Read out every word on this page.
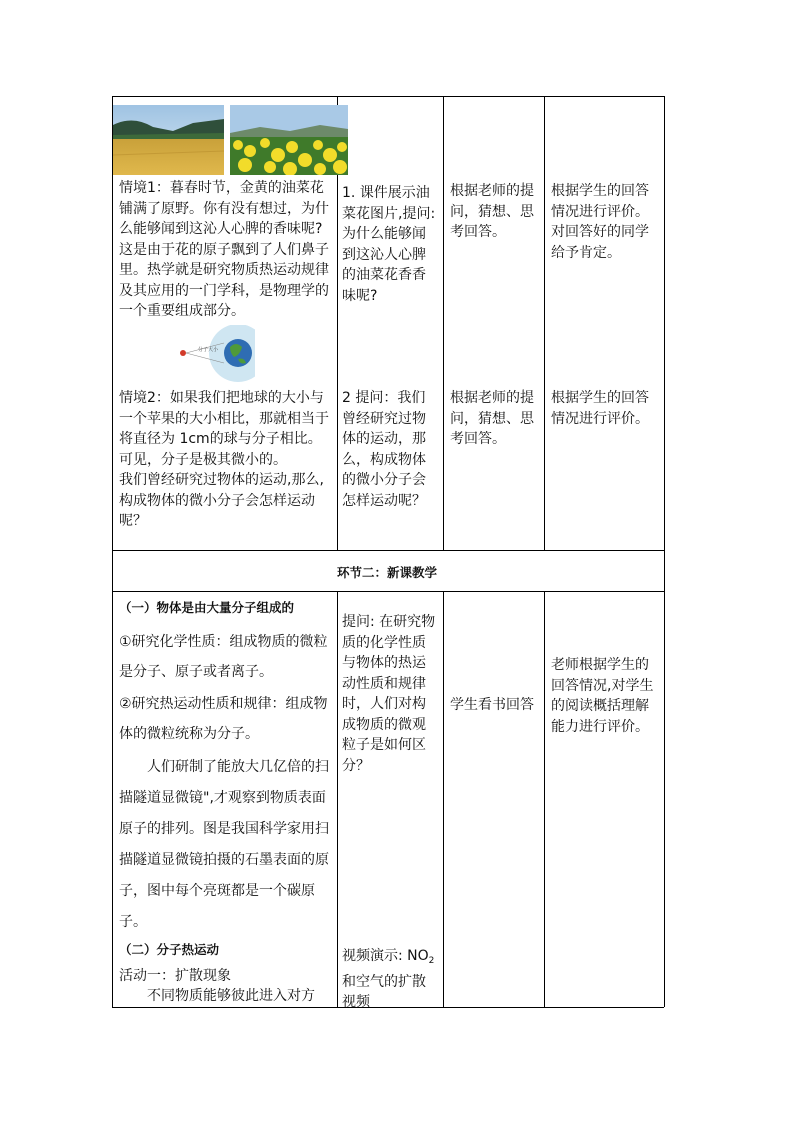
分子大小
情境1：暮春时节，金黄的油菜花铺满了原野。你有没有想过，为什么能够闻到这沁人心脾的香味呢?这是由于花的原子飘到了人们鼻子里。热学就是研究物质热运动规律及其应用的一门学科，是物理学的一个重要组成部分。
情境2：如果我们把地球的大小与一个苹果的大小相比，那就相当于将直径为 1cm的球与分子相比。可见，分子是极其微小的。
我们曾经研究过物体的运动,那么,构成物体的微小分子会怎样运动呢？
1. 课件展示油菜花图片,提问:为什么能够闻到这沁人心脾的油菜花香香味呢?
2 提问：我们曾经研究过物体的运动，那么，构成物体的微小分子会怎样运动呢？
根据老师的提问，猜想、思考回答。
根据老师的提问，猜想、思考回答。
根据学生的回答情况进行评价。对回答好的同学给予肯定。
根据学生的回答情况进行评价。
环节二：新课教学
（一）物体是由大量分子组成的
①研究化学性质：组成物质的微粒是分子、原子或者离子。
②研究热运动性质和规律：组成物体的微粒统称为分子。
人们研制了能放大几亿倍的扫描隧道显微镜",才观察到物质表面原子的排列。图是我国科学家用扫描隧道显微镜拍摄的石墨表面的原子，图中每个亮斑都是一个碳原子。
（二）分子热运动
活动一：扩散现象
不同物质能够彼此进入对方
提问: 在研究物质的化学性质与物体的热运动性质和规律时，人们对构成物质的微观粒子是如何区分？
视频演示: $NO_2$和空气的扩散视频
学生看书回答
老师根据学生的回答情况,对学生的阅读概括理解能力进行评价。
